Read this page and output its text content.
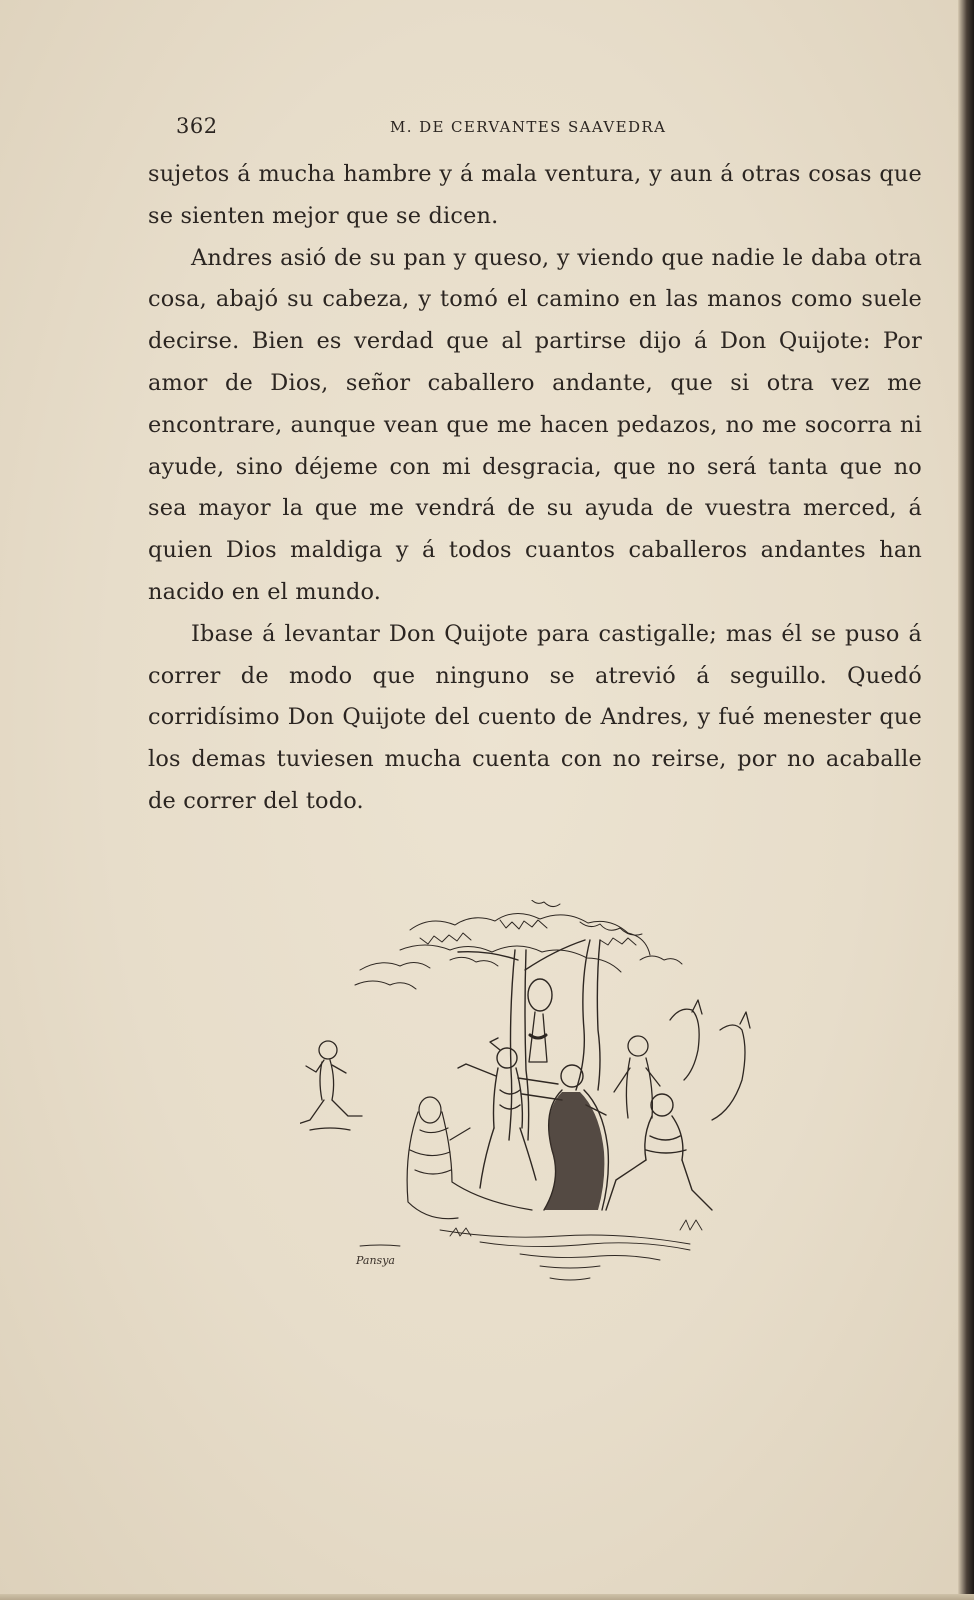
362	M. DE CERVANTES SAAVEDRA

sujetos á mucha hambre y á mala ventura, y aun á otras cosas que se sienten mejor que se dicen.

Andres asió de su pan y queso, y viendo que nadie le daba otra cosa, abajó su cabeza, y tomó el camino en las manos como suele decirse. Bien es verdad que al partirse dijo á Don Quijote: Por amor de Dios, señor caballero andante, que si otra vez me encontrare, aunque vean que me hacen pedazos, no me socorra ni ayude, sino déjeme con mi desgracia, que no será tanta que no sea mayor la que me vendrá de su ayuda de vuestra merced, á quien Dios maldiga y á todos cuantos caballeros andantes han nacido en el mundo.

Ibase á levantar Don Quijote para castigalle; mas él se puso á correr de modo que ninguno se atrevió á seguillo. Quedó corridísimo Don Quijote del cuento de Andres, y fué menester que los demas tuviesen mucha cuenta con no reirse, por no acaballe de correr del todo.

Pansya
